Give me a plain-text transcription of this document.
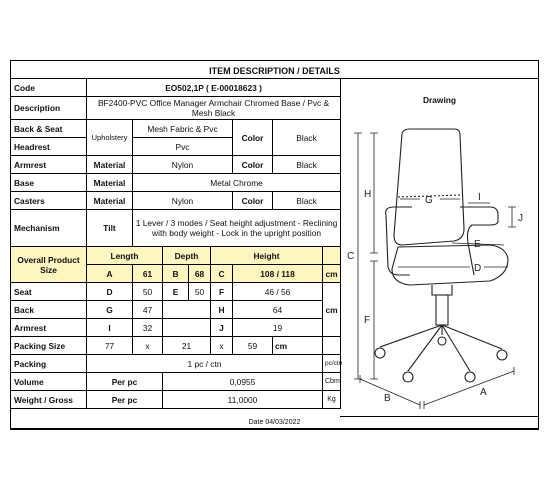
ITEM DESCRIPTION / DETAILS
Code	EO502,1P ( E-00018623 )							
Description	BF2400-PVC Office Manager Armchair Chromed Base / Pvc & Mesh Black							
Back & Seat	Upholstery	Mesh Fabric & Pvc				Color	Black	
Headrest		Pvc						
Armrest	Material	Nylon				Color	Black	
Base	Material	Metal Chrome						
Casters	Material	Nylon				Color	Black	
Mechanism	Tilt	1 Lever / 3 modes / Seat height adjustment - Reclining with body weight - Lock in the upright position						
Overall Product Size	Length		Depth		Height			
	A	61	B	68	C	108 / 118		cm
Seat	D	50	E	50	F	46 / 56		cm
Back	G	47			H	64		
Armrest	I	32			J	19		
Packing Size	77	x	21		x	59	cm	
Packing	1 pc / ctn							pc/ctn
Volume	Per pc		0,0955					Cbm
Weight / Gross	Per pc		11,0000					Kg
Drawing
C
H
F
G	I
J
E
D
B
A
Date 04/03/2022
